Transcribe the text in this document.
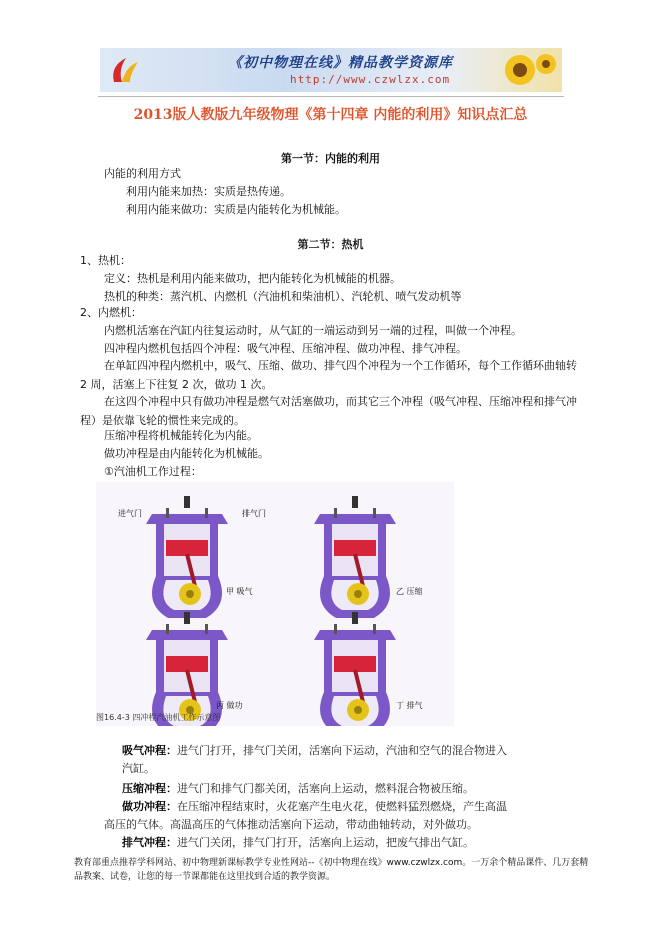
《初中物理在线》精品教学资源库
http://www.czwlzx.com
2013版人教版九年级物理《第十四章 内能的利用》知识点汇总
第一节：内能的利用
内能的利用方式
利用内能来加热：实质是热传递。
利用内能来做功：实质是内能转化为机械能。
第二节：热机
1、热机：
定义：热机是利用内能来做功，把内能转化为机械能的机器。
热机的种类：蒸汽机、内燃机（汽油机和柴油机）、汽轮机、喷气发动机等
2、内燃机：
内燃机活塞在汽缸内往复运动时，从气缸的一端运动到另一端的过程，叫做一个冲程。
四冲程内燃机包括四个冲程：吸气冲程、压缩冲程、做功冲程、排气冲程。
在单缸四冲程内燃机中，吸气、压缩、做功、排气四个冲程为一个工作循环，每个工作循环曲轴转 2 周，活塞上下往复 2 次，做功 1 次。
在这四个冲程中只有做功冲程是燃气对活塞做功，而其它三个冲程（吸气冲程、压缩冲程和排气冲程）是依靠飞轮的惯性来完成的。
压缩冲程将机械能转化为内能。
做功冲程是由内能转化为机械能。
①汽油机工作过程：
进气门	排气门
甲 吸气	乙 压缩
丙 做功	丁 排气
图16.4-3 四冲程汽油机工作示意图
吸气冲程：进气门打开，排气门关闭，活塞向下运动，汽油和空气的混合物进入汽缸。
压缩冲程：进气门和排气门都关闭，活塞向上运动，燃料混合物被压缩。
做功冲程：在压缩冲程结束时，火花塞产生电火花，使燃料猛烈燃烧，产生高温高压的气体。高温高压的气体推动活塞向下运动，带动曲轴转动，对外做功。
排气冲程：进气门关闭，排气门打开，活塞向上运动，把废气排出气缸。
教育部重点推荐学科网站、初中物理新课标教学专业性网站--《初中物理在线》www.czwlzx.com。一万余个精品课件、几万套精品教案、试卷，让您的每一节课都能在这里找到合适的教学资源。
